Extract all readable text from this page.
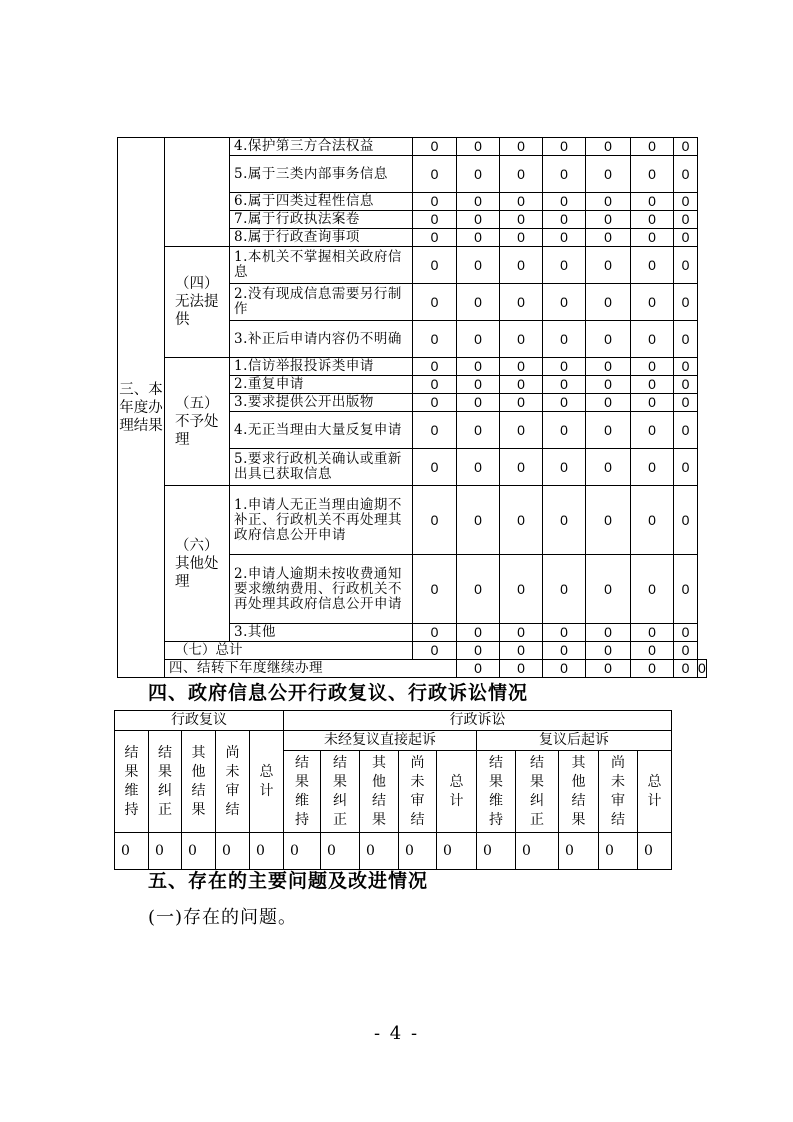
三、本年度办理结果		4.保护第三方合法权益	0	0	0	0	0	0	0	
		5.属于三类内部事务信息	0	0	0	0	0	0	0	
		6.属于四类过程性信息	0	0	0	0	0	0	0	
		7.属于行政执法案卷	0	0	0	0	0	0	0	
		8.属于行政查询事项	0	0	0	0	0	0	0	
	（四）无法提供	1.本机关不掌握相关政府信息	0	0	0	0	0	0	0	
		2.没有现成信息需要另行制作	0	0	0	0	0	0	0	
		3.补正后申请内容仍不明确	0	0	0	0	0	0	0	
	（五）不予处理	1.信访举报投诉类申请	0	0	0	0	0	0	0	
		2.重复申请	0	0	0	0	0	0	0	
		3.要求提供公开出版物	0	0	0	0	0	0	0	
		4.无正当理由大量反复申请	0	0	0	0	0	0	0	
		5.要求行政机关确认或重新出具已获取信息	0	0	0	0	0	0	0	
	（六）其他处理	1.申请人无正当理由逾期不补正、行政机关不再处理其政府信息公开申请	0	0	0	0	0	0	0	
		2.申请人逾期未按收费通知要求缴纳费用、行政机关不再处理其政府信息公开申请	0	0	0	0	0	0	0	
		3.其他	0	0	0	0	0	0	0	
	（七）总计		0	0	0	0	0	0	0	
	四、结转下年度继续办理			0	0	0	0	0	0	0
四、政府信息公开行政复议、行政诉讼情况
行政复议					行政诉讼									

结果维持	结果纠正	其他结果	尚未审结	总计	未经复议直接起诉					复议后起诉				

					结果维持	结果纠正	其他结果	尚未审结	总计	结果维持	结果纠正	其他结果	尚未审结	总计

0	0	0	0	0	0	0	0	0	0	0	0	0	0	0
五、存在的主要问题及改进情况

(一)存在的问题。

- 4 -
